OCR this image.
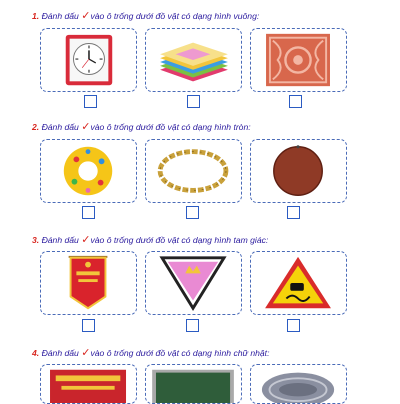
1. Đánh dấu ✓vào ô trống dưới đồ vật có dạng hình vuông:
2. Đánh dấu ✓vào ô trống dưới đồ vật có dạng hình tròn:
3. Đánh dấu ✓vào ô trống dưới đồ vật có dạng hình tam giác:
4. Đánh dấu ✓vào ô trống dưới đồ vật có dạng hình chữ nhật:
